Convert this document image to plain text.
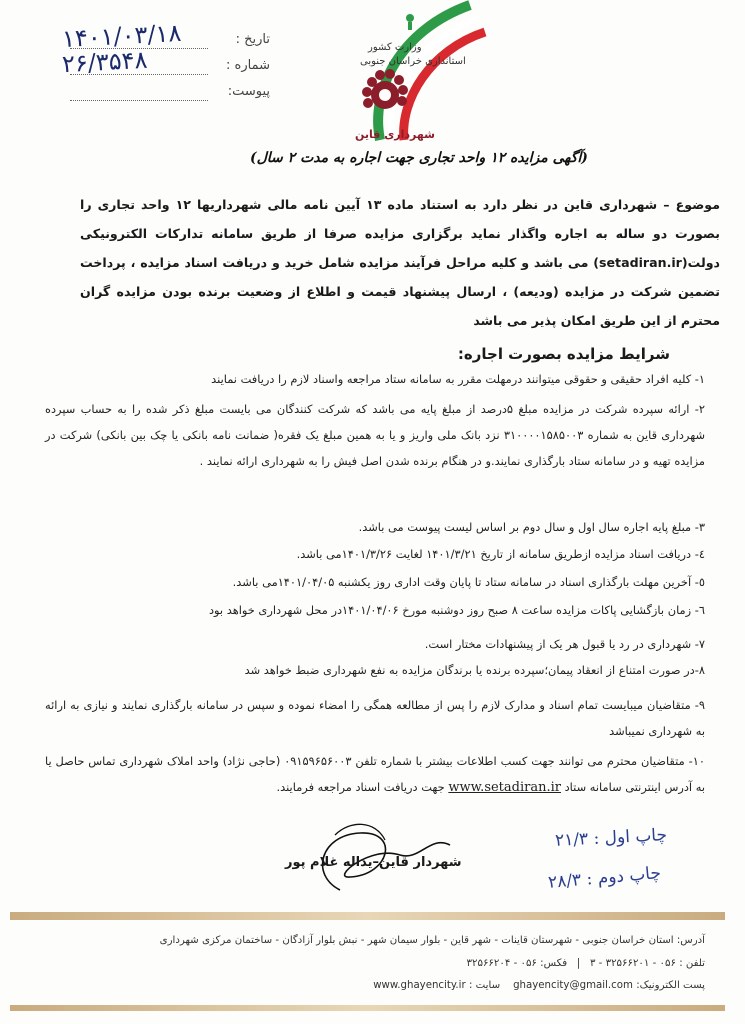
تاریخ :
۱۴۰۱/۰۳/۱۸
شماره :
۲۶/۳۵۴۸
پیوست:
وزارت کشور
استانداری خراسان جنوبی
شهرداری قاین
(آگهی مزایده ۱۲ واحد تجاری جهت اجاره به مدت ۲ سال)
موضوع – شهرداری قاین در نظر دارد به استناد ماده ۱۳ آیین نامه مالی شهرداریها ۱۲ واحد تجاری را بصورت دو ساله به اجاره واگذار نماید برگزاری مزایده صرفا از طریق سامانه تدارکات الکترونیکی دولت(setadiran.ir) می باشد و کلیه مراحل فرآیند مزایده شامل خرید و دریافت اسناد مزایده ، پرداخت تضمین شرکت در مزایده (ودیعه) ، ارسال پیشنهاد قیمت و اطلاع از وضعیت برنده بودن مزایده گران محترم از این طریق امکان پذیر می باشد
شرایط مزایده بصورت اجاره:
۱- کلیه افراد حقیقی و حقوقی میتوانند درمهلت مقرر به سامانه ستاد مراجعه واسناد لازم را دریافت نمایند
۲- ارائه سپرده شرکت در مزایده مبلغ ۵درصد از مبلغ پایه می باشد که شرکت کنندگان می بایست مبلغ ذکر شده را به حساب سپرده شهرداری قاین به شماره ۳۱۰۰۰۰۱۵۸۵۰۰۳ نزد بانک ملی واریز و یا به همین مبلغ یک فقره( ضمانت نامه بانکی یا چک بین بانکی) شرکت در مزایده تهیه و در سامانه ستاد بارگذاری نمایند.و در هنگام برنده شدن اصل فیش را به شهرداری ارائه نمایند .
۳- مبلغ پایه اجاره سال اول و سال دوم بر اساس لیست پیوست می باشد.
٤- دریافت اسناد مزایده ازطریق سامانه از تاریخ ۱۴۰۱/۳/۲۱ لغایت ۱۴۰۱/۳/۲۶می باشد.
٥- آخرین مهلت بارگذاری اسناد در سامانه ستاد تا پایان وقت اداری روز یکشنبه ۱۴۰۱/۰۴/۰۵می باشد.
٦- زمان بازگشایی پاکات مزایده ساعت ۸ صبح روز دوشنبه مورخ ۱۴۰۱/۰۴/۰۶در محل شهرداری خواهد بود
۷- شهرداری در رد یا قبول هر یک از پیشنهادات مختار است.
۸-در صورت امتناع از انعقاد پیمان؛سپرده برنده یا برندگان مزایده به نفع شهرداری ضبط خواهد شد
۹- متقاضیان میبایست تمام اسناد و مدارک لازم را پس از مطالعه همگی را امضاء نموده و سپس در سامانه بارگذاری نمایند و نیازی به ارائه به شهرداری نمیباشد
۱۰- متقاضیان محترم می توانند جهت کسب اطلاعات بیشتر با شماره تلفن ۰۹۱۵۹۶۵۶۰۰۳ (حاجی نژاد) واحد املاک شهرداری تماس حاصل یا به آدرس اینترنتی سامانه ستاد www.setadiran.ir جهت دریافت اسناد مراجعه فرمایند.
شهردار قاین–یداله غلام پور
چاپ اول : ۲۱/۳
چاپ دوم : ۲۸/۳
آدرس: استان خراسان جنوبی - شهرستان قاینات - شهر قاین - بلوار سیمان شهر - نبش بلوار آزادگان - ساختمان مرکزی شهرداری
تلفن : ۰۵۶ - ۳۲۵۶۶۲۰۱ - ۳   |   فکس: ۰۵۶ - ۳۲۵۶۶۲۰۴
پست الکترونیک: ghayencity@gmail.com    سایت : www.ghayencity.ir
